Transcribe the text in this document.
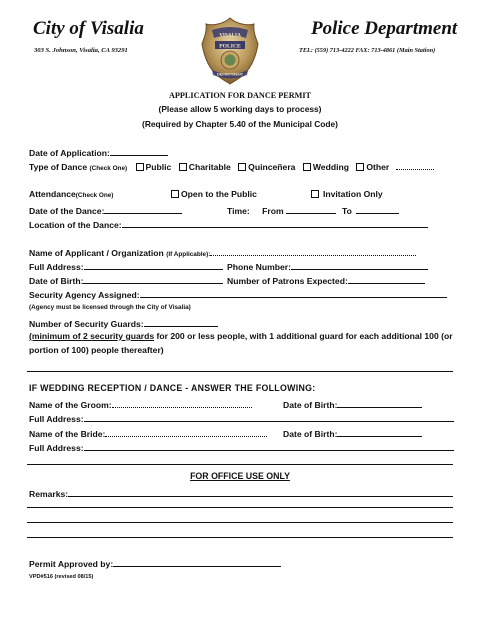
City of Visalia
303 S. Johnson, Visalia, CA 93291
VISALIA
POLICE
DEPARTMENT
Police Department
TEL: (559) 713-4222 FAX: 713-4861 (Main Station)
APPLICATION FOR DANCE PERMIT
(Please allow 5 working days to process)
(Required by Chapter 5.40 of the Municipal Code)
Date of Application:
Type of Dance (Check One) Public Charitable Quinceñera Wedding Other
Attendance(Check One)	Open to the Public	Invitation Only
Date of the Dance:	Time: From	To
Location of the Dance:
Name of Applicant / Organization (If Applicable):
Full Address:	Phone Number:
Date of Birth:	Number of Patrons Expected:
Security Agency Assigned:
(Agency must be licensed through the City of Visalia)
Number of Security Guards:
(minimum of 2 security guards for 200 or less people, with 1 additional guard for each additional 100 (or
portion of 100) people thereafter)
IF WEDDING RECEPTION / DANCE - ANSWER THE FOLLOWING:
Name of the Groom:	Date of Birth:
Full Address:
Name of the Bride:	Date of Birth:
Full Address:
FOR OFFICE USE ONLY
Remarks:
Permit Approved by:
VPD#516 (revised 08/15)
